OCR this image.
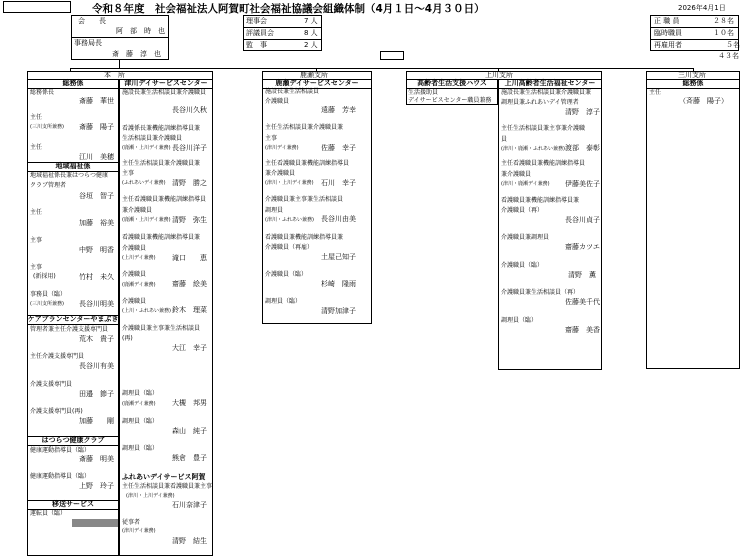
令和８年度　社会福祉法人阿賀町社会福祉協議会組織体制（4月１日～4月３０日）	2026年4月1日
会　　長
阿　部　時　也
事務局長
斎　藤　淳　也
理事会	7 人
評議員会	8 人
監　事	2 人
正 職 員	２８名
臨時職員	１０名
再雇用者	５名
４３名
本　所	鹿瀬支所	上川支所	三川支所
総務係
総務係長
斎藤　華世
主任
(三川支所兼務) 斎藤　陽子
主任
江川　美穂
地域福祉係
地域福祉係長兼はつらつ健康
クラブ管理者
谷垣　智子
主任
加藤　裕美
主事
中野　明香
主事
(新採用)	竹村　未久
事務員（臨）
(三川支所兼務) 長谷川明美
ケアプランセンターやまぶき
管理者兼主任介護支援専門員
荒木　貴子
主任介護支援専門員
長谷川有美
介護支援専門員
田邉　節子
介護支援専門員(再)
加藤　　剛
はつらつ健康クラブ
健康運動指導員（臨）
斎藤　明美
健康運動指導員（臨）
上野　玲子
移送サービス
運転員（臨）
津川デイサービスセンター
施設長兼生活相談員兼介護職員
長谷川久秋
看護係長兼機能訓練指導員兼
生活相談員兼介護職員
(鹿瀬・上川デイ兼務) 長谷川洋子
主任生活相談員兼介護職員兼
主事
(ふれあいデイ兼務) 清野　勝之
主任看護職員兼機能訓練指導員
兼介護職員
(鹿瀬・上川デイ兼務) 清野　弥生
看護職員兼機能訓練指導員兼
介護職員
(上川デイ兼務) 滝口　　恵
介護職員
(鹿瀬デイ兼務) 齋藤　絵美
介護職員
(上川・ふれあい兼務) 鈴木　理菜
介護職員兼主事兼生活相談員
(再)
大江　幸子
調理員（臨）
(鹿瀬デイ兼務) 大槻　邦男
調理員（臨）
森山　純子
調理員（臨）
熊倉　豊子
ふれあいデイサービス阿賀
主任生活相談員兼看護職員兼主事
(津川・上川デイ兼務)
石川奈津子
従事者
(津川デイ兼務)
清野　結生
鹿瀬デイサービスセンター
施設長兼生活相談員
介護職員
遠藤　芳幸
主任生活相談員兼介護職員兼
主事
(津川デイ兼務)	佐藤　幸子
主任看護職員兼機能訓練指導員
兼介護職員
(津川・上川デイ兼務) 石川　幸子
介護職員兼主事兼生活相談員
調理員
(津川・ふれあい兼務) 長谷川由美
看護職員兼機能訓練指導員兼
介護職員（再雇）
土屋己知子
介護職員（臨）
杉崎　隆雨
調理員（臨）
清野加津子
高齢者生活支援ハウス
生活援助員
デイサービスセンター職員兼務
上川高齢者生活福祉センター
施設長兼生活相談員兼介護職員兼
調理員兼ふれあいデイ管理者
清野　淳子
主任生活相談員兼主事兼介護職
員
(津川・鹿瀬・ふれあい兼務) 渡部　泰彰
主任看護職員兼機能訓練指導員
兼介護職員
(津川・鹿瀬デイ兼務) 伊藤美佐子
看護職員兼機能訓練指導員兼
介護職員（再）
長谷川貞子
介護職員兼調理員
齋藤カツエ
介護職員（臨）
清野　薫
介護職員兼生活相談員（再）
佐藤美千代
調理員（臨）
齋藤　美香
総務係
主任
（斉藤　陽子）
